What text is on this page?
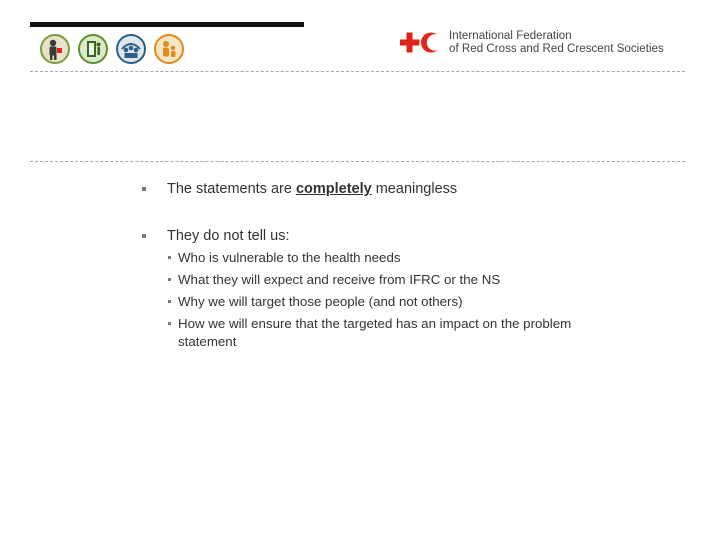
International Federation
of Red Cross and Red Crescent Societies
The statements are completely meaningless
They do not tell us:
Who is vulnerable to the health needs
What they will expect and receive from IFRC or the NS
Why we will target those people (and not others)
How we will ensure that the targeted has an impact on the problem statement
